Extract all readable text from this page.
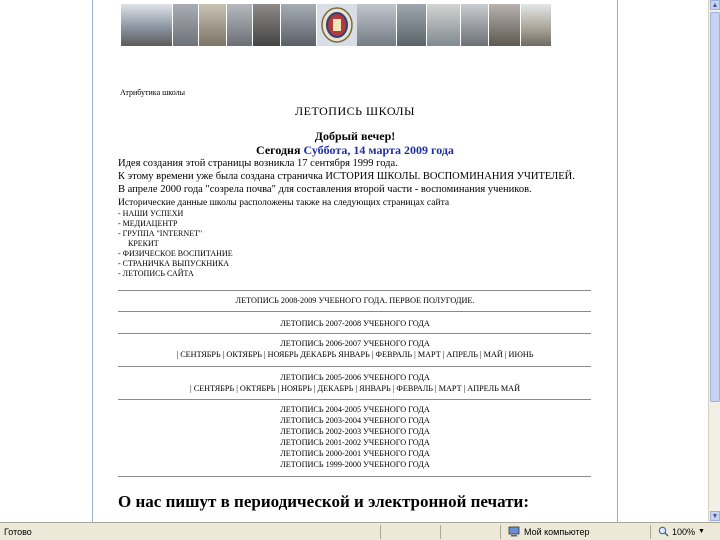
Атрибутика школы
ЛЕТОПИСЬ ШКОЛЫ
Добрый вечер!
Сегодня Суббота, 14 марта 2009 года
Идея создания этой страницы возникла 17 сентября 1999 года.
К этому времени уже была создана страничка ИСТОРИЯ ШКОЛЫ. ВОСПОМИНАНИЯ УЧИТЕЛЕЙ.
В апреле 2000 года "созрела почва" для составления второй части - воспоминания учеников.
Исторические данные школы расположены также на следующих страницах сайта
- НАШИ УСПЕХИ
- МЕДИАЦЕНТР
- ГРУППА "INTERNET"
КРЕКИТ
- ФИЗИЧЕСКОЕ ВОСПИТАНИЕ
- СТРАНИЧКА ВЫПУСКНИКА
- ЛЕТОПИСЬ САЙТА
ЛЕТОПИСЬ 2008-2009 УЧЕБНОГО ГОДА. ПЕРВОЕ ПОЛУГОДИЕ.
ЛЕТОПИСЬ 2007-2008 УЧЕБНОГО ГОДА
ЛЕТОПИСЬ 2006-2007 УЧЕБНОГО ГОДА
| СЕНТЯБРЬ | ОКТЯБРЬ | НОЯБРЬ ДЕКАБРЬ ЯНВАРЬ | ФЕВРАЛЬ | МАРТ | АПРЕЛЬ | МАЙ | ИЮНЬ
ЛЕТОПИСЬ 2005-2006 УЧЕБНОГО ГОДА
| СЕНТЯБРЬ | ОКТЯБРЬ | НОЯБРЬ | ДЕКАБРЬ | ЯНВАРЬ | ФЕВРАЛЬ | МАРТ | АПРЕЛЬ МАЙ
ЛЕТОПИСЬ 2004-2005 УЧЕБНОГО ГОДА
ЛЕТОПИСЬ 2003-2004 УЧЕБНОГО ГОДА
ЛЕТОПИСЬ 2002-2003 УЧЕБНОГО ГОДА
ЛЕТОПИСЬ 2001-2002 УЧЕБНОГО ГОДА
ЛЕТОПИСЬ 2000-2001 УЧЕБНОГО ГОДА
ЛЕТОПИСЬ 1999-2000 УЧЕБНОГО ГОДА
О нас пишут в периодической и электронной печати:
▲
▼
Готово	Мой компьютер	100% ▼
